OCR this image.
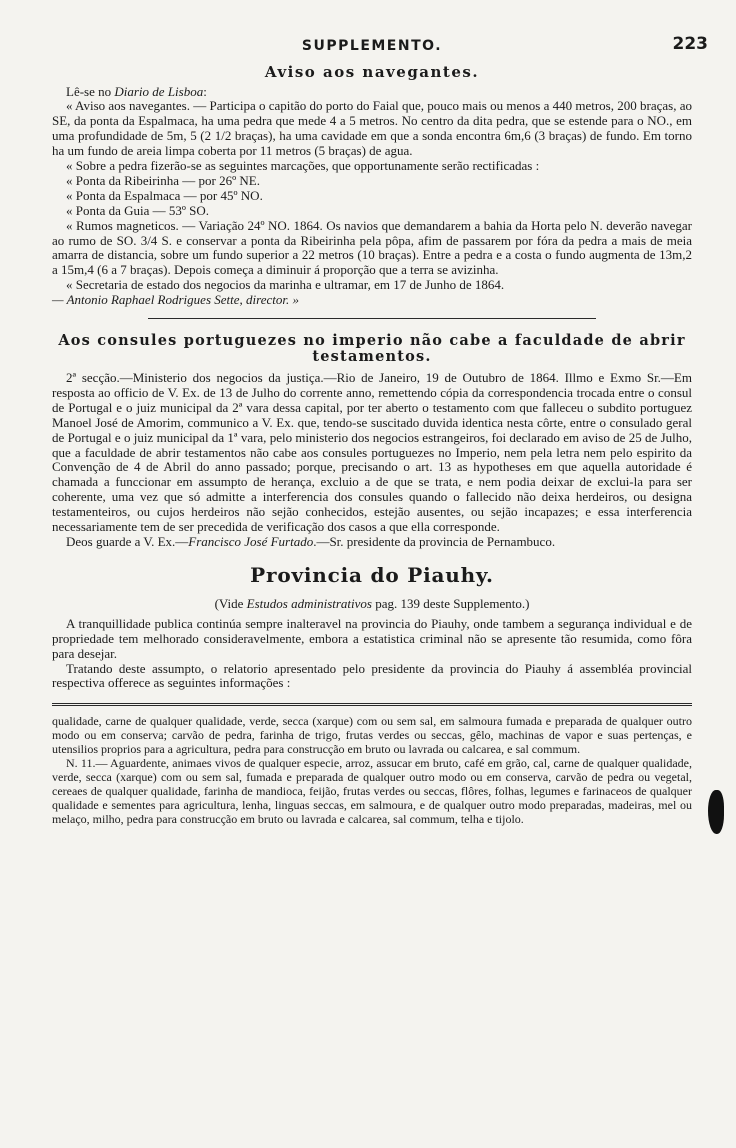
SUPPLEMENTO.	223
Aviso aos navegantes.

Lê-se no Diario de Lisboa:

« Aviso aos navegantes. — Participa o capitão do porto do Faial que, pouco mais ou menos a 440 metros, 200 braças, ao SE, da ponta da Espalmaca, ha uma pedra que mede 4 a 5 metros. No centro da dita pedra, que se estende para o NO., em uma profundidade de 5m, 5 (2 1/2 braças), ha uma cavidade em que a sonda encontra 6m,6 (3 braças) de fundo. Em torno ha um fundo de areia limpa coberta por 11 metros (5 braças) de agua.

« Sobre a pedra fizerão-se as seguintes marcações, que opportunamente serão rectificadas :

« Ponta da Ribeirinha — por 26º NE.

« Ponta da Espalmaca — por 45º NO.

« Ponta da Guia — 53º SO.

« Rumos magneticos. — Variação 24º NO. 1864. Os navios que demandarem a bahia da Horta pelo N. deverão navegar ao rumo de SO. 3/4 S. e conservar a ponta da Ribeirinha pela pôpa, afim de passarem por fóra da pedra a mais de meia amarra de distancia, sobre um fundo superior a 22 metros (10 braças). Entre a pedra e a costa o fundo augmenta de 13m,2 a 15m,4 (6 a 7 braças). Depois começa a diminuir á proporção que a terra se avizinha.

« Secretaria de estado dos negocios da marinha e ultramar, em 17 de Junho de 1864.

— Antonio Raphael Rodrigues Sette, director. »

Aos consules portuguezes no imperio não cabe a faculdade de abrir testamentos.

2ª secção.—Ministerio dos negocios da justiça.—Rio de Janeiro, 19 de Outubro de 1864. Illmo e Exmo Sr.—Em resposta ao officio de V. Ex. de 13 de Julho do corrente anno, remettendo cópia da correspondencia trocada entre o consul de Portugal e o juiz municipal da 2ª vara dessa capital, por ter aberto o testamento com que falleceu o subdito portuguez Manoel José de Amorim, communico a V. Ex. que, tendo-se suscitado duvida identica nesta côrte, entre o consulado geral de Portugal e o juiz municipal da 1ª vara, pelo ministerio dos negocios estrangeiros, foi declarado em aviso de 25 de Julho, que a faculdade de abrir testamentos não cabe aos consules portuguezes no Imperio, nem pela letra nem pelo espirito da Convenção de 4 de Abril do anno passado; porque, precisando o art. 13 as hypotheses em que aquella autoridade é chamada a funccionar em assumpto de herança, excluio a de que se trata, e nem podia deixar de exclui-la para ser coherente, uma vez que só admitte a interferencia dos consules quando o fallecido não deixa herdeiros, ou designa testamenteiros, ou cujos herdeiros não sejão conhecidos, estejão ausentes, ou sejão incapazes; e essa interferencia necessariamente tem de ser precedida de verificação dos casos a que ella corresponde.

Deos guarde a V. Ex.—Francisco José Furtado.—Sr. presidente da provincia de Pernambuco.

Provincia do Piauhy.
(Vide Estudos administrativos pag. 139 deste Supplemento.)

A tranquillidade publica continúa sempre inalteravel na provincia do Piauhy, onde tambem a segurança individual e de propriedade tem melhorado consideravelmente, embora a estatistica criminal não se apresente tão resumida, como fôra para desejar.

Tratando deste assumpto, o relatorio apresentado pelo presidente da provincia do Piauhy á assembléa provincial respectiva offerece as seguintes informações :

qualidade, carne de qualquer qualidade, verde, secca (xarque) com ou sem sal, em salmoura fumada e preparada de qualquer outro modo ou em conserva; carvão de pedra, farinha de trigo, frutas verdes ou seccas, gêlo, machinas de vapor e suas pertenças, e utensilios proprios para a agricultura, pedra para construcção em bruto ou lavrada ou calcarea, e sal commum.

N. 11.— Aguardente, animaes vivos de qualquer especie, arroz, assucar em bruto, café em grão, cal, carne de qualquer qualidade, verde, secca (xarque) com ou sem sal, fumada e preparada de qualquer outro modo ou em conserva, carvão de pedra ou vegetal, cereaes de qualquer qualidade, farinha de mandioca, feijão, frutas verdes ou seccas, flôres, folhas, legumes e farinaceos de qualquer qualidade e sementes para agricultura, lenha, linguas seccas, em salmoura, e de qualquer outro modo preparadas, madeiras, mel ou melaço, milho, pedra para construcção em bruto ou lavrada e calcarea, sal commum, telha e tijolo.
